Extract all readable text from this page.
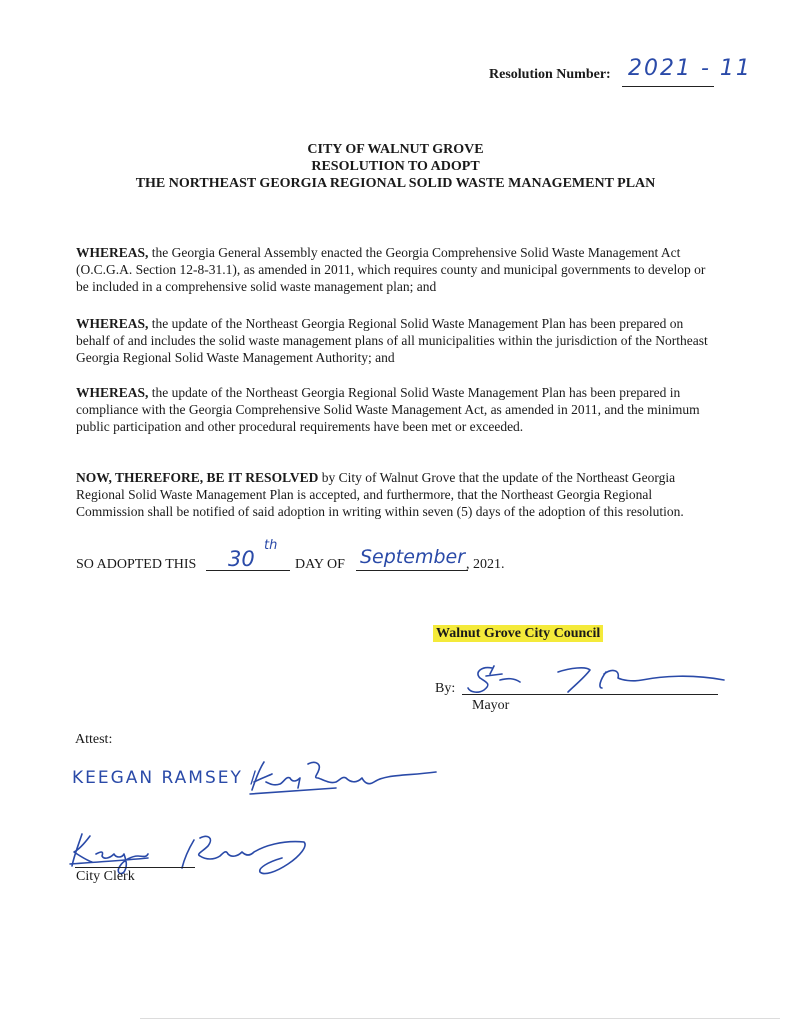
Resolution Number: 2021 - 11
CITY OF WALNUT GROVE
RESOLUTION TO ADOPT
THE NORTHEAST GEORGIA REGIONAL SOLID WASTE MANAGEMENT PLAN
WHEREAS, the Georgia General Assembly enacted the Georgia Comprehensive Solid Waste Management Act (O.C.G.A. Section 12-8-31.1), as amended in 2011, which requires county and municipal governments to develop or be included in a comprehensive solid waste management plan; and
WHEREAS, the update of the Northeast Georgia Regional Solid Waste Management Plan has been prepared on behalf of and includes the solid waste management plans of all municipalities within the jurisdiction of the Northeast Georgia Regional Solid Waste Management Authority; and
WHEREAS, the update of the Northeast Georgia Regional Solid Waste Management Plan has been prepared in compliance with the Georgia Comprehensive Solid Waste Management Act, as amended in 2011, and the minimum public participation and other procedural requirements have been met or exceeded.
NOW, THEREFORE, BE IT RESOLVED by City of Walnut Grove that the update of the Northeast Georgia Regional Solid Waste Management Plan is accepted, and furthermore, that the Northeast Georgia Regional Commission shall be notified of said adoption in writing within seven (5) days of the adoption of this resolution.
SO ADOPTED THIS 30
th
DAY OF September , 2021.
Walnut Grove City Council
By:
Mayor
Attest:
KEEGAN RAMSEY /
City Clerk
